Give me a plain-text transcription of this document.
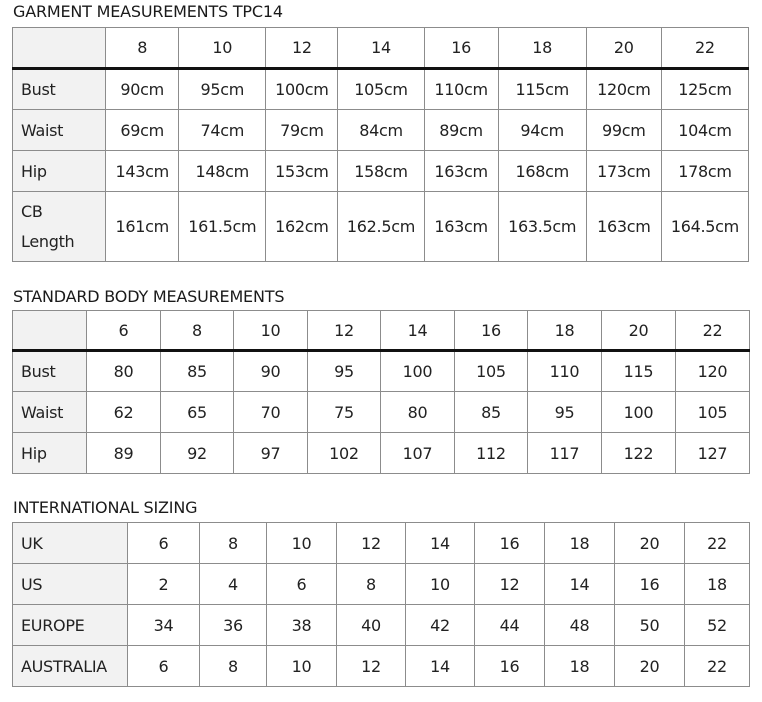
GARMENT MEASUREMENTS TPC14
	8	10	12	14	16	18	20	22
Bust	90cm	95cm	100cm	105cm	110cm	115cm	120cm	125cm
Waist	69cm	74cm	79cm	84cm	89cm	94cm	99cm	104cm
Hip	143cm	148cm	153cm	158cm	163cm	168cm	173cm	178cm
CB
Length	161cm	161.5cm	162cm	162.5cm	163cm	163.5cm	163cm	164.5cm
STANDARD BODY MEASUREMENTS
	6	8	10	12	14	16	18	20	22
Bust	80	85	90	95	100	105	110	115	120
Waist	62	65	70	75	80	85	95	100	105
Hip	89	92	97	102	107	112	117	122	127
INTERNATIONAL SIZING
UK	6	8	10	12	14	16	18	20	22
US	2	4	6	8	10	12	14	16	18
EUROPE	34	36	38	40	42	44	48	50	52
AUSTRALIA	6	8	10	12	14	16	18	20	22
